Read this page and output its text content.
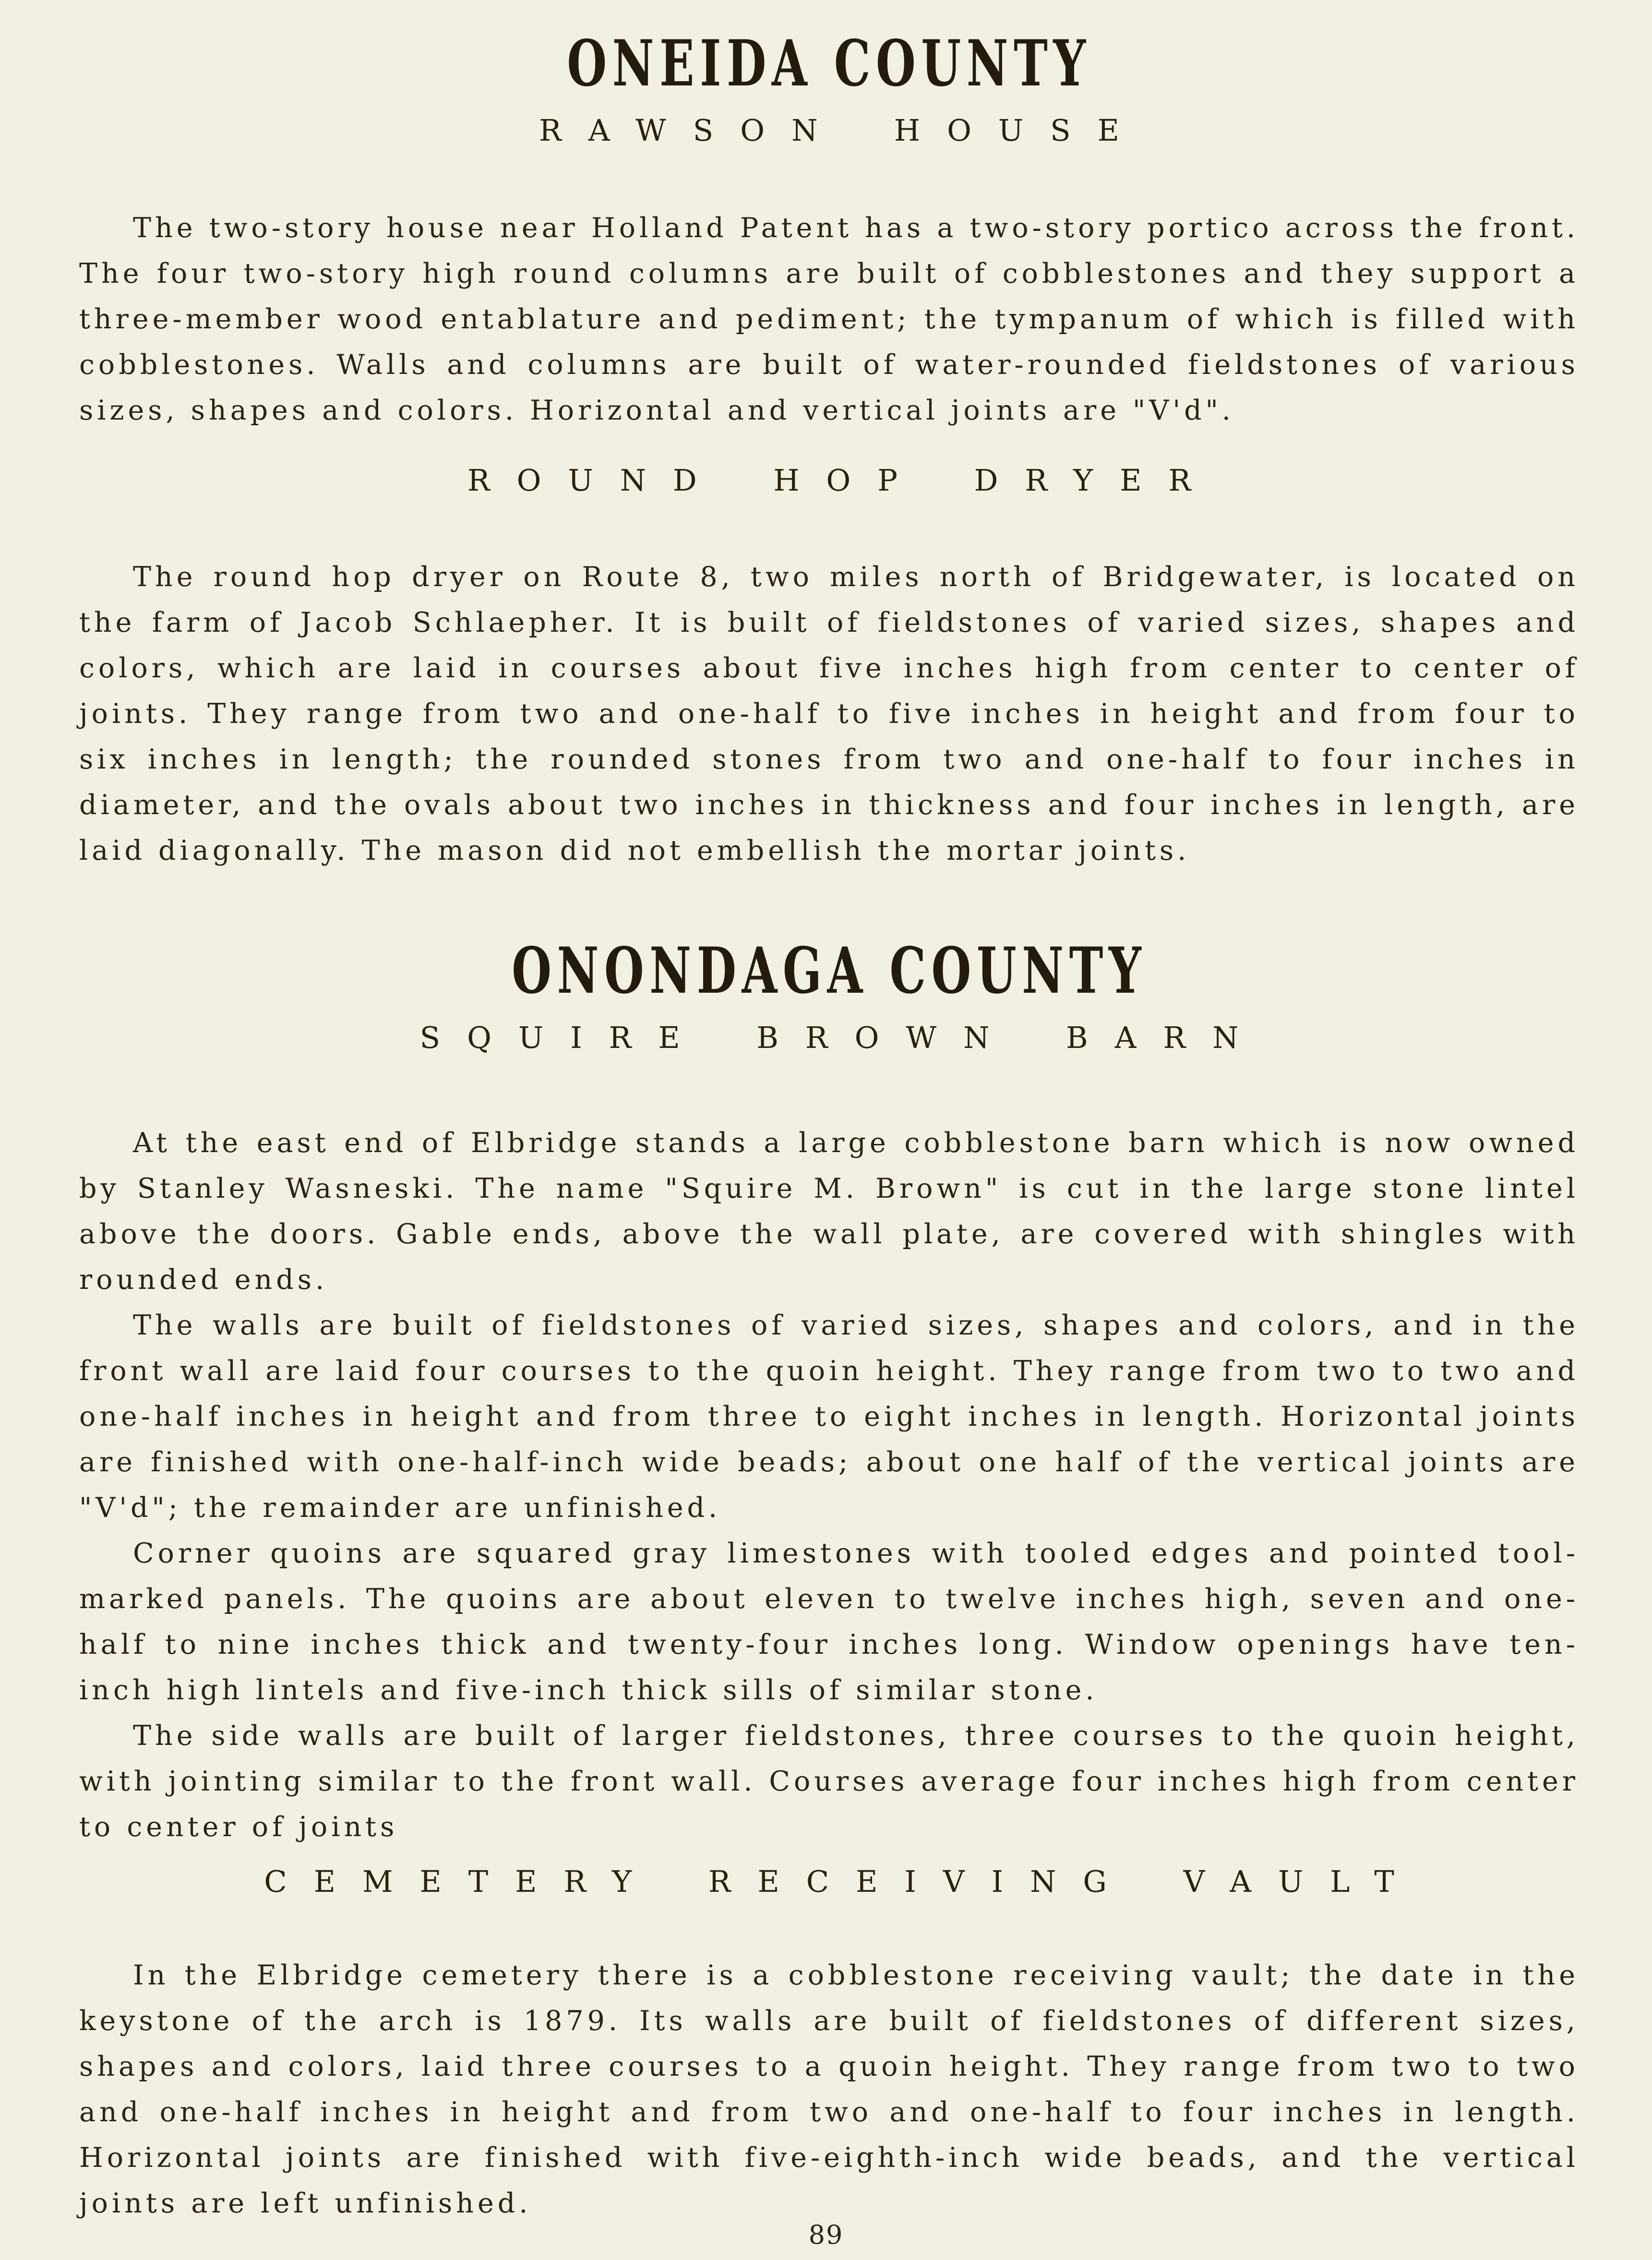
ONEIDA COUNTY
RAWSON HOUSE

The two-story house near Holland Patent has a two-story portico across the front. The four two-story high round columns are built of cobblestones and they support a three-member wood entablature and pediment; the tympanum of which is filled with cobblestones. Walls and columns are built of water-rounded fieldstones of various sizes, shapes and colors. Horizontal and vertical joints are "V'd".

ROUND HOP DRYER

The round hop dryer on Route 8, two miles north of Bridgewater, is located on the farm of Jacob Schlaepher. It is built of fieldstones of varied sizes, shapes and colors, which are laid in courses about five inches high from center to center of joints. They range from two and one-half to five inches in height and from four to six inches in length; the rounded stones from two and one-half to four inches in diameter, and the ovals about two inches in thickness and four inches in length, are laid diagonally. The mason did not embellish the mortar joints.

ONONDAGA COUNTY
SQUIRE BROWN BARN

At the east end of Elbridge stands a large cobblestone barn which is now owned by Stanley Wasneski. The name "Squire M. Brown" is cut in the large stone lintel above the doors. Gable ends, above the wall plate, are covered with shingles with rounded ends.

The walls are built of fieldstones of varied sizes, shapes and colors, and in the front wall are laid four courses to the quoin height. They range from two to two and one-half inches in height and from three to eight inches in length. Horizontal joints are finished with one-half-inch wide beads; about one half of the vertical joints are "V'd"; the remainder are unfinished.

Corner quoins are squared gray limestones with tooled edges and pointed tool-marked panels. The quoins are about eleven to twelve inches high, seven and one-half to nine inches thick and twenty-four inches long. Window openings have ten-inch high lintels and five-inch thick sills of similar stone.

The side walls are built of larger fieldstones, three courses to the quoin height, with jointing similar to the front wall. Courses average four inches high from center to center of joints

CEMETERY RECEIVING VAULT

In the Elbridge cemetery there is a cobblestone receiving vault; the date in the keystone of the arch is 1879. Its walls are built of fieldstones of different sizes, shapes and colors, laid three courses to a quoin height. They range from two to two and one-half inches in height and from two and one-half to four inches in length. Horizontal joints are finished with five-eighth-inch wide beads, and the vertical joints are left unfinished.

89
